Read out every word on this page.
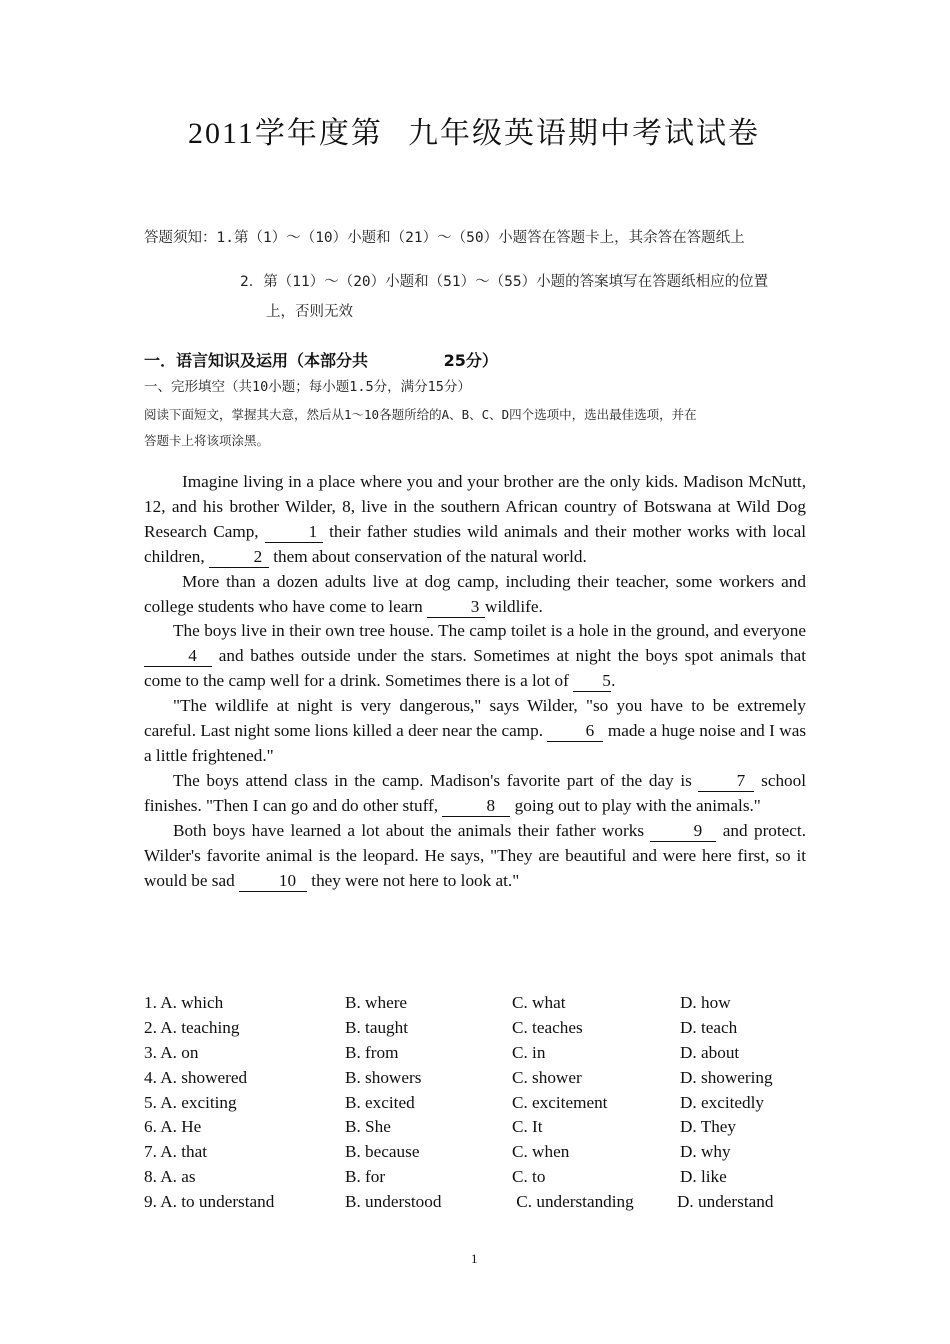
2011学年度第 九年级英语期中考试试卷
答题须知：1.第（1）～（10）小题和（21）～（50）小题答在答题卡上，其余答在答题纸上
2．第（11）～（20）小题和（51）～（55）小题的答案填写在答题纸相应的位置
上，否则无效
一．语言知识及运用（本部分共	25分）
一、完形填空（共10小题；每小题1.5分，满分15分）
阅读下面短文，掌握其大意，然后从1～10各题所给的A、B、C、D四个选项中，选出最佳选项，并在答题卡上将该项涂黑。

Imagine living in a place where you and your brother are the only kids. Madison McNutt, 12, and his brother Wilder, 8, live in the southern African country of Botswana at Wild Dog Research Camp,	1 their father studies wild animals and their mother works with local children,	2 them about conservation of the natural world.

More than a dozen adults live at dog camp, including their teacher, some workers and college students who have come to learn	3 wildlife.

The boys live in their own tree house. The camp toilet is a hole in the ground, and everyone 4 and bathes outside under the stars. Sometimes at night the boys spot animals that come to the camp well for a drink. Sometimes there is a lot of 5.

"The wildlife at night is very dangerous," says Wilder, "so you have to be extremely careful. Last night some lions killed a deer near the camp. 6 made a huge noise and I was a little frightened."

The boys attend class in the camp. Madison's favorite part of the day is	7 school finishes. "Then I can go and do other stuff,	8 going out to play with the animals."

Both boys have learned a lot about the animals their father works	9 and protect. Wilder's favorite animal is the leopard. He says, "They are beautiful and were here first, so it would be sad	10 they were not here to look at."

1. A. which	B. where	C. what	D. how
2. A. teaching	B. taught	C. teaches	D. teach
3. A. on	B. from	C. in	D. about
4. A. showered	B. showers	C. shower	D. showering
5. A. exciting	B. excited	C. excitement	D. excitedly
6. A. He	B. She	C. It	D. They
7. A. that	B. because	C. when	D. why
8. A. as	B. for	C. to	D. like
9. A. to understand	B. understood	C. understanding	D. understand
1
